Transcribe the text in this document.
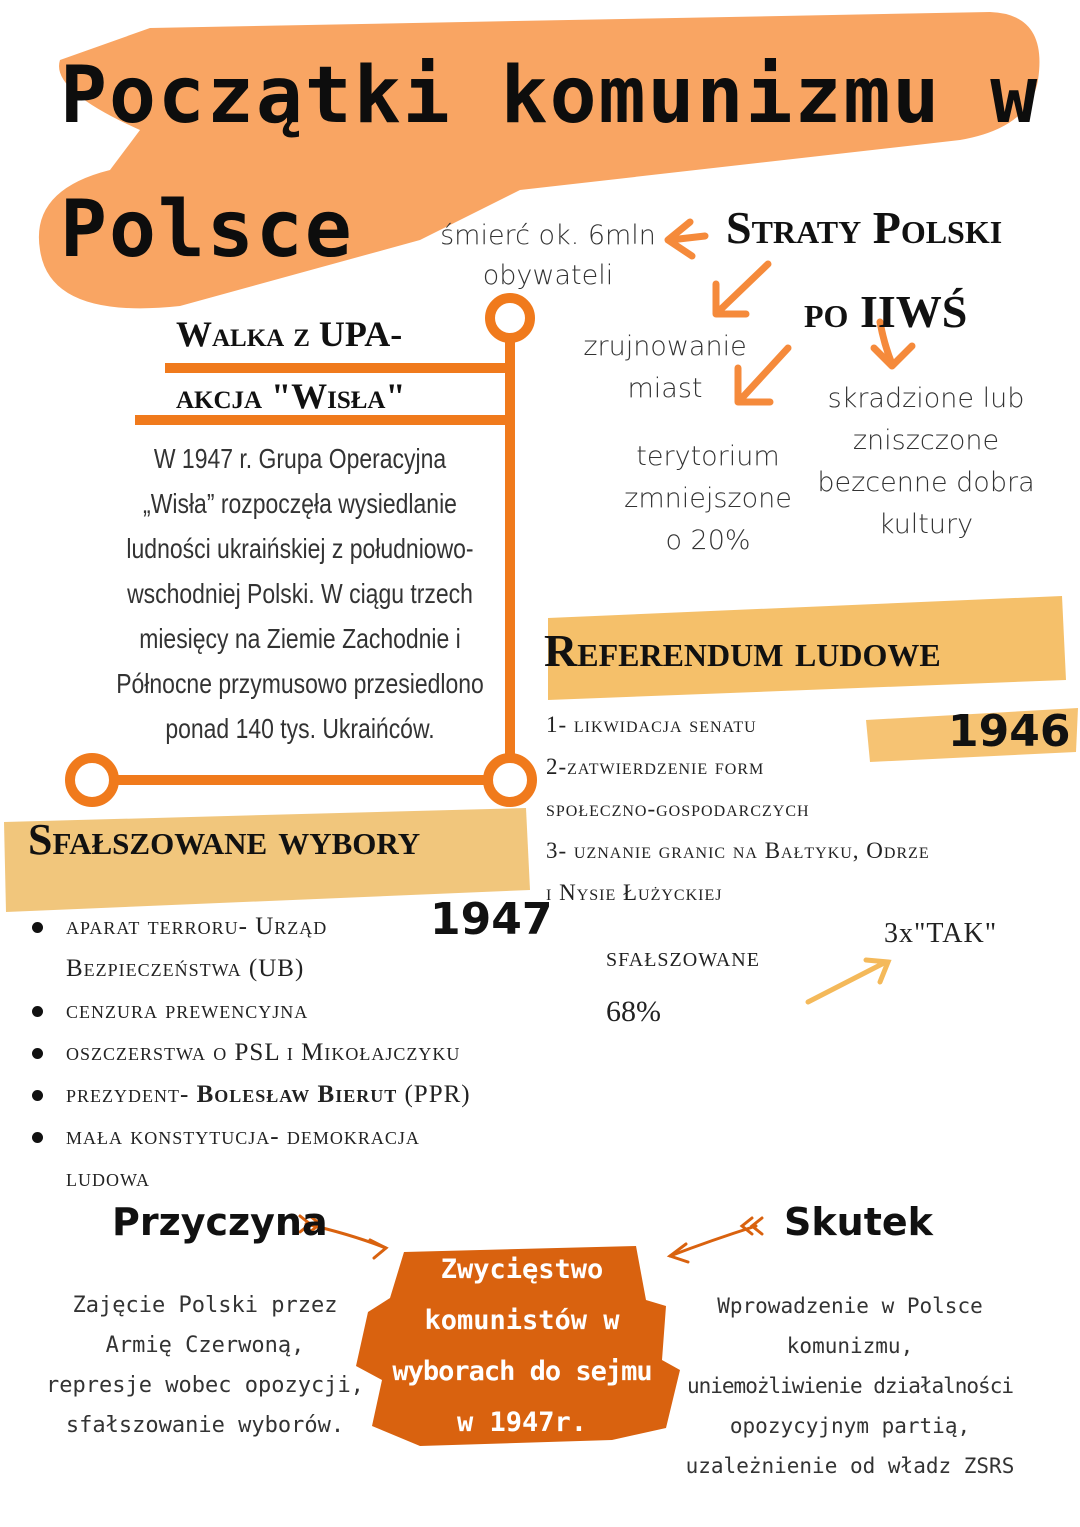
Początki komunizmu w
Polsce	Straty Polski
po IIWŚ
śmierć ok. 6mln
obywateli
zrujnowanie
miast
terytorium
zmniejszone
o 20%
skradzione lub
zniszczone
bezcenne dobra
kultury
Walka z UPA-
akcja "Wisła"
W 1947 r. Grupa Operacyjna
„Wisła” rozpoczęła wysiedlanie
ludności ukraińskiej z południowo-
wschodniej Polski. W ciągu trzech
miesięcy na Ziemie Zachodnie i
Północne przymusowo przesiedlono
ponad 140 tys. Ukraińców.
Referendum ludowe
1946
1- likwidacja senatu
2-zatwierdzenie form
społeczno-gospodarczych
3- uznanie granic na Bałtyku, Odrze
i Nysie Łużyckiej
sfałszowane
68%
3x"TAK"
Sfałszowane wybory
1947
aparat terroru- Urząd
Bezpieczeństwa (UB)
cenzura prewencyjna
oszczerstwa o PSL i Mikołajczyku
prezydent- Bolesław Bierut (PPR)
mała konstytucja- demokracja
ludowa
Przyczyna
Zajęcie Polski przez
Armię Czerwoną,
represje wobec opozycji,
sfałszowanie wyborów.
Zwycięstwo
komunistów w
wyborach do sejmu
w 1947r.
Skutek
Wprowadzenie w Polsce
komunizmu,
uniemożliwienie działalności
opozycyjnym partią,
uzależnienie od władz ZSRS
